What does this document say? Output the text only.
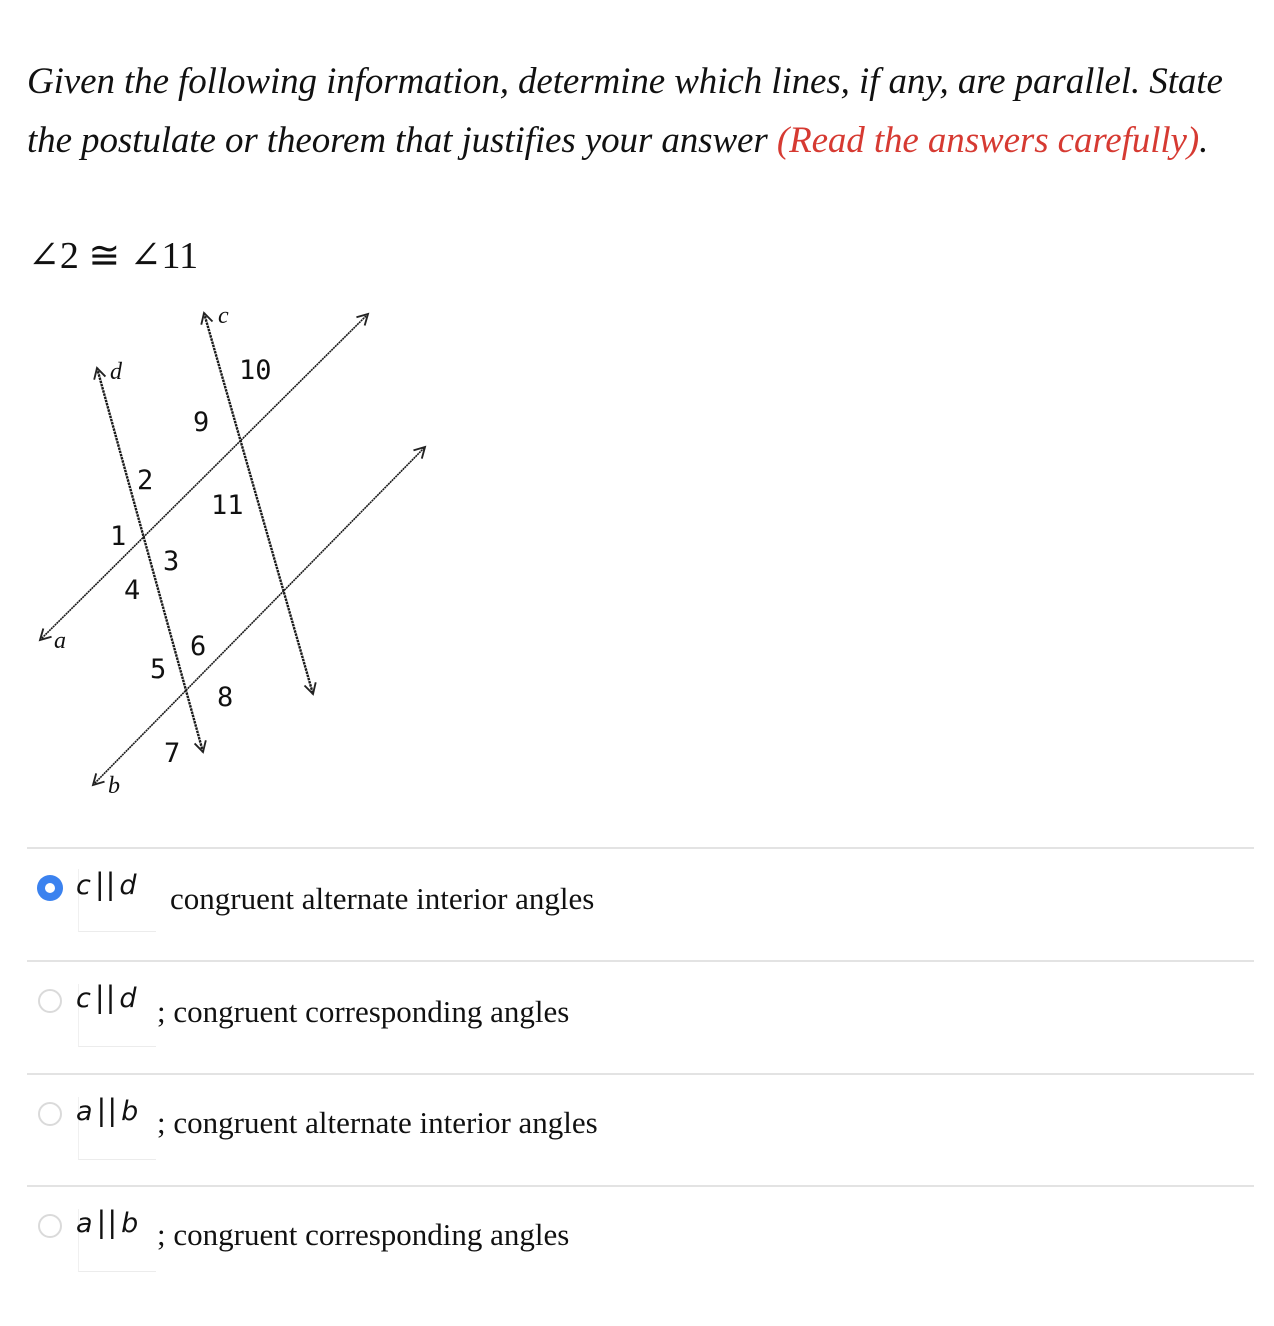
Given the following information, determine which lines, if any, are parallel. State the postulate or theorem that justifies your answer (Read the answers carefully).
∠2 ≅ ∠11
d
c
a
b
1
2
3
4
5
6
7
8
9
10
11
c || d congruent alternate interior angles
c || d ; congruent corresponding angles
a || b ; congruent alternate interior angles
a || b ; congruent corresponding angles
